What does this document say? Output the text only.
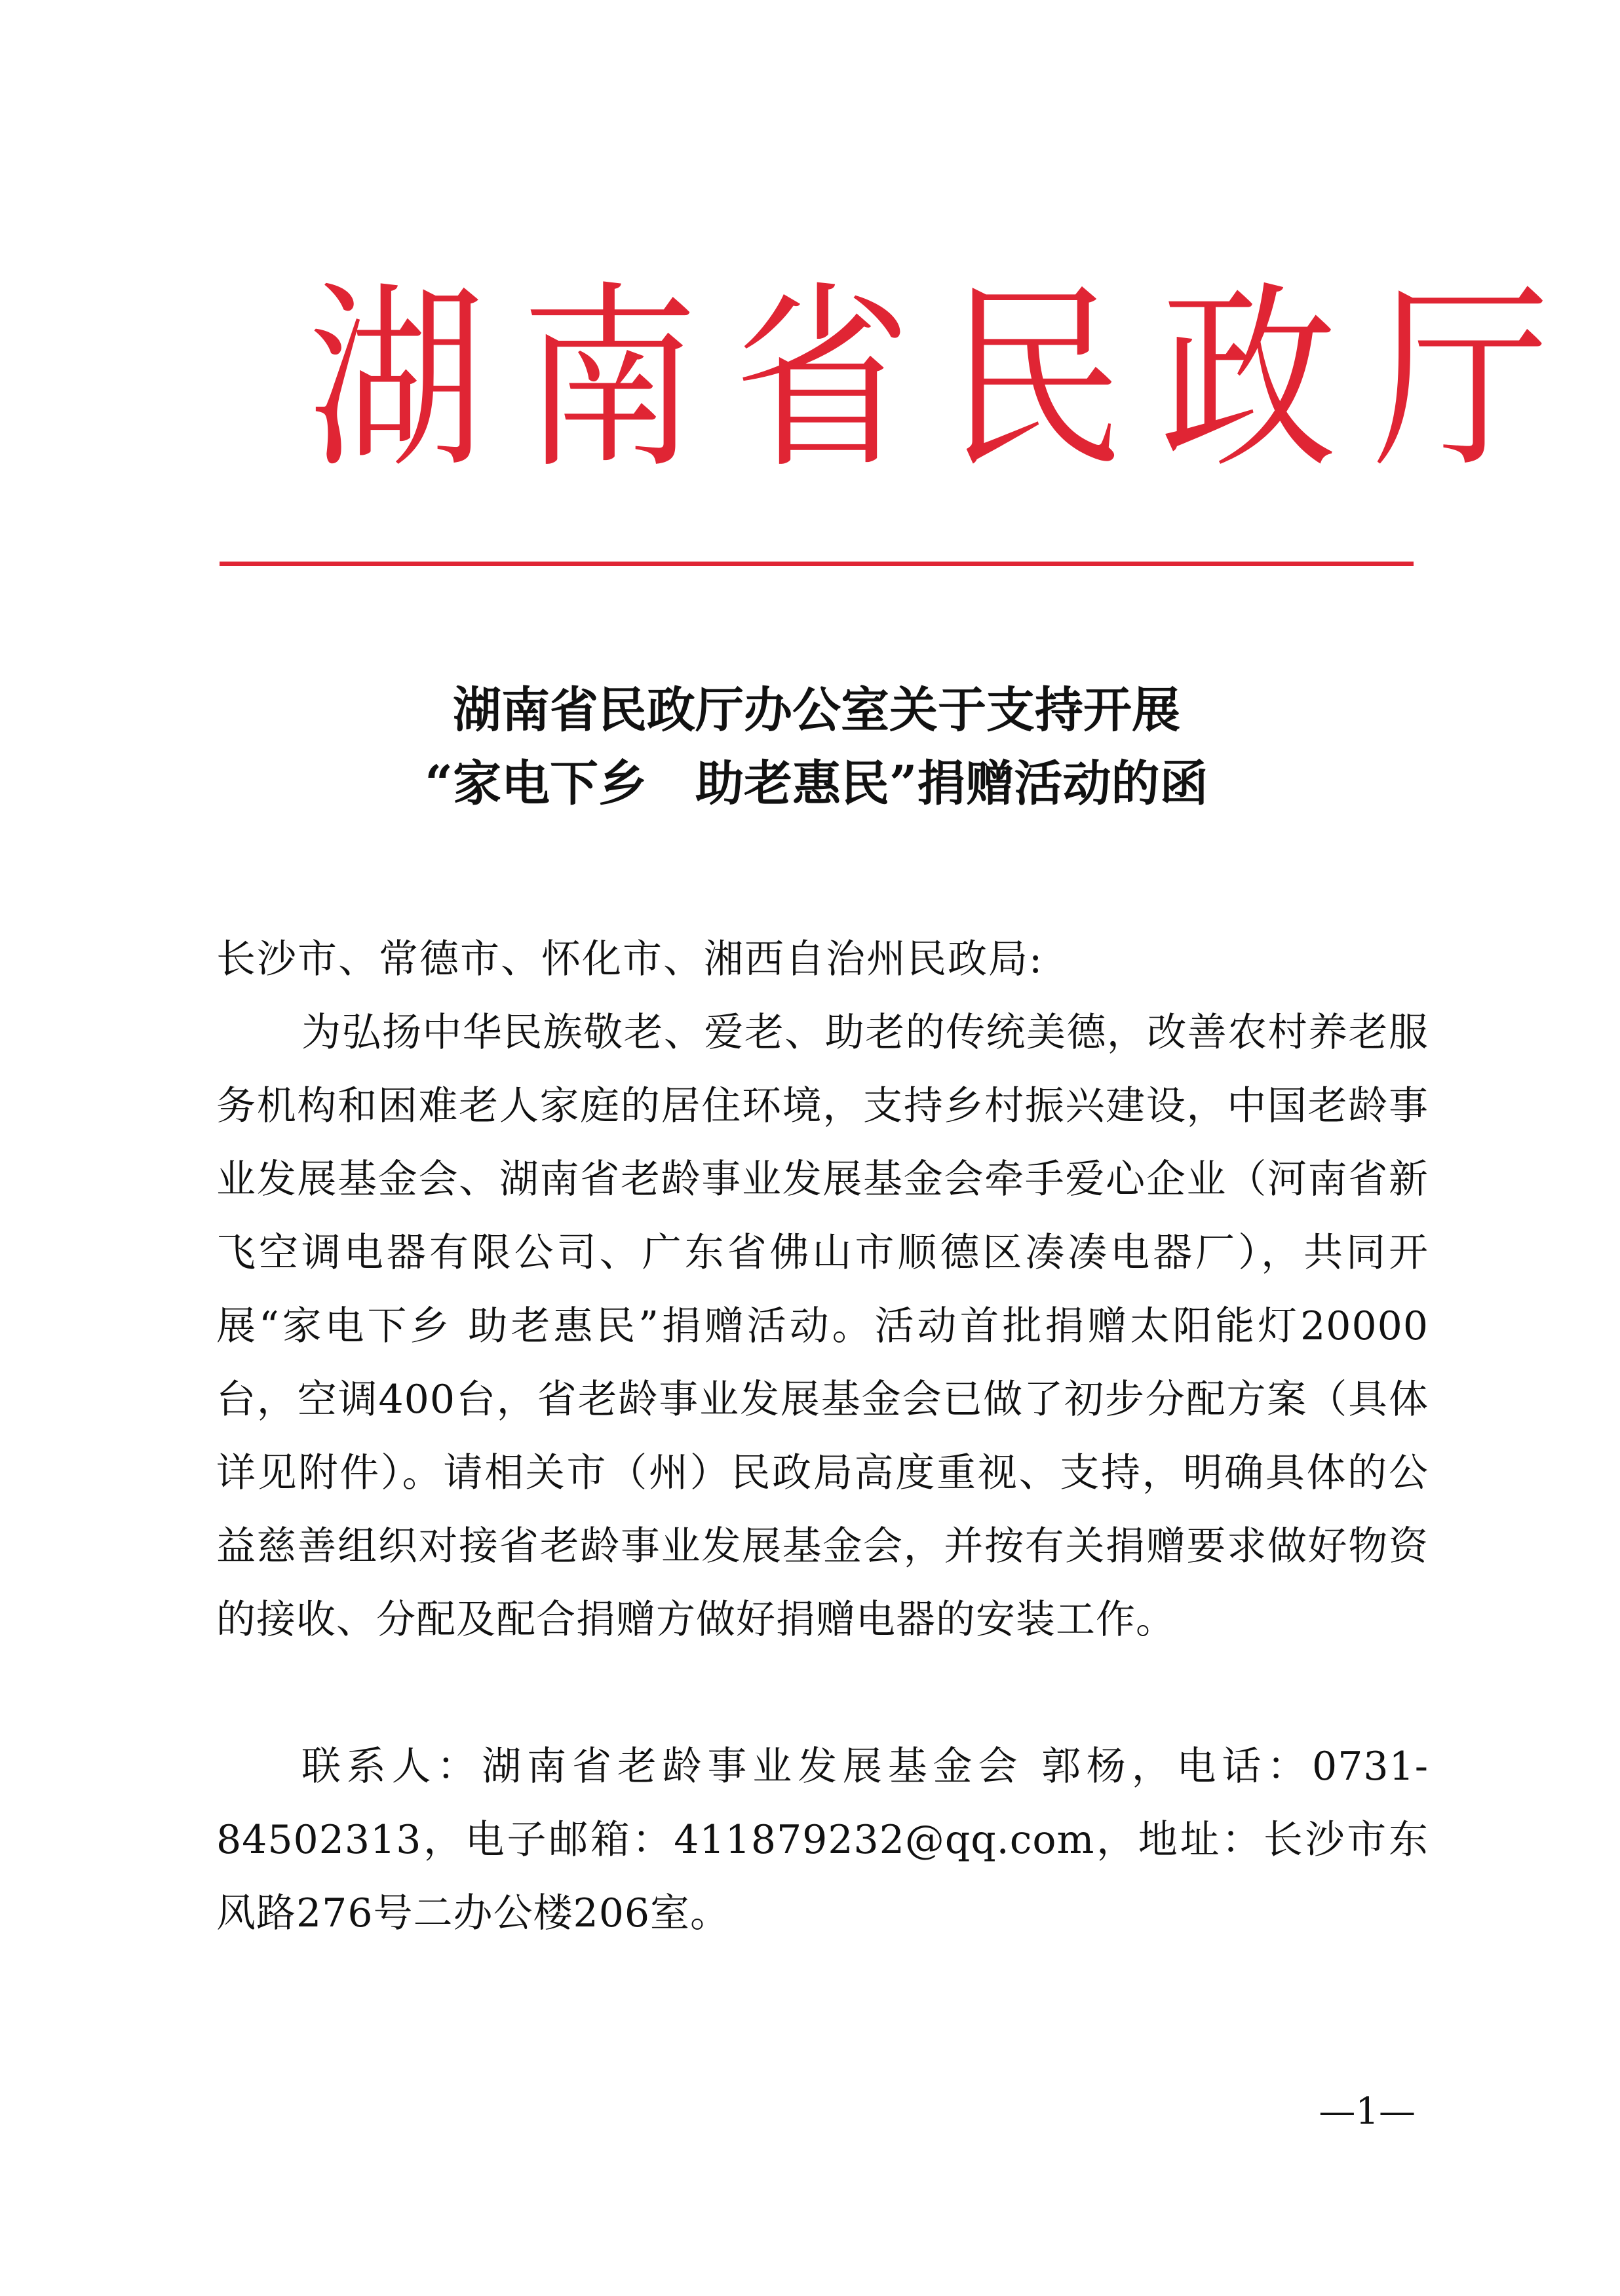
湖南省民政厅
湖南省民政厅办公室关于支持开展
“家电下乡　助老惠民”捐赠活动的函

长沙市、常德市、怀化市、湘西自治州民政局:

为弘扬中华民族敬老、爱老、助老的传统美德，改善农村养老服务机构和困难老人家庭的居住环境，支持乡村振兴建设，中国老龄事业发展基金会、湖南省老龄事业发展基金会牵手爱心企业（河南省新飞空调电器有限公司、广东省佛山市顺德区凑凑电器厂），共同开展“家电下乡 助老惠民”捐赠活动。活动首批捐赠太阳能灯20000台，空调400台，省老龄事业发展基金会已做了初步分配方案（具体详见附件）。请相关市（州）民政局高度重视、支持，明确具体的公益慈善组织对接省老龄事业发展基金会，并按有关捐赠要求做好物资的接收、分配及配合捐赠方做好捐赠电器的安装工作。

联系人：湖南省老龄事业发展基金会 郭杨，电话：0731-84502313，电子邮箱：411879232@qq.com，地址：长沙市东风路276号二办公楼206室。

—1—
